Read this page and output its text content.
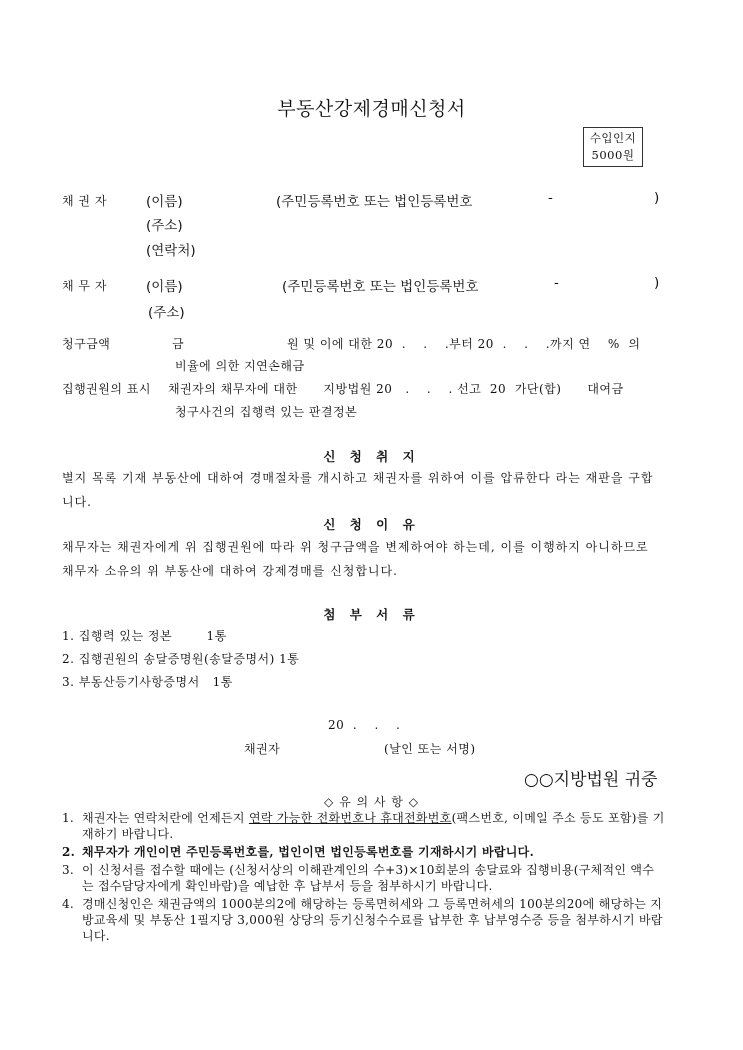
부동산강제경매신청서
수입인지
5000원
채 권 자	(이름)	(주민등록번호 또는 법인등록번호	-	)
(주소)
(연락처)
채 무 자	(이름)	(주민등록번호 또는 법인등록번호	-	)
(주소)
청구금액	금	원 및 이에 대한 20  .    .    .부터 20  .    .    .까지 연    %  의
비율에 의한 지연손해금
집행권원의 표시 채권자의 채무자에 대한      지방법원 20   .    .    . 선고  20  가단(합)      대여금
청구사건의 집행력 있는 판결정본
신 청 취 지
별지 목록 기재 부동산에 대하여 경매절차를 개시하고 채권자를 위하여 이를 압류한다 라는 재판을 구합니다.
신 청 이 유
채무자는 채권자에게 위 집행권원에 따라 위 청구금액을 변제하여야 하는데, 이를 이행하지 아니하므로 채무자 소유의 위 부동산에 대하여 강제경매를 신청합니다.
첨 부 서 류
1. 집행력 있는 정본        1통
2. 집행권원의 송달증명원(송달증명서) 1통
3. 부동산등기사항증명서   1통
20  .    .    .
채권자	(날인 또는 서명)
○○지방법원 귀중
◇ 유 의 사 항 ◇
1. 채권자는 연락처란에 언제든지 연락 가능한 전화번호나 휴대전화번호(팩스번호, 이메일 주소 등도 포함)를 기재하기 바랍니다.
2. 채무자가 개인이면 주민등록번호를, 법인이면 법인등록번호를 기재하시기 바랍니다.
3. 이 신청서를 접수할 때에는 (신청서상의 이해관계인의 수+3)×10회분의 송달료와 집행비용(구체적인 액수는 접수담당자에게 확인바람)을 예납한 후 납부서 등을 첨부하시기 바랍니다.
4. 경매신청인은 채권금액의 1000분의2에 해당하는 등록면허세와 그 등록면허세의 100분의20에 해당하는 지방교육세 및 부동산 1필지당 3,000원 상당의 등기신청수수료를 납부한 후 납부영수증 등을 첨부하시기 바랍니다.
